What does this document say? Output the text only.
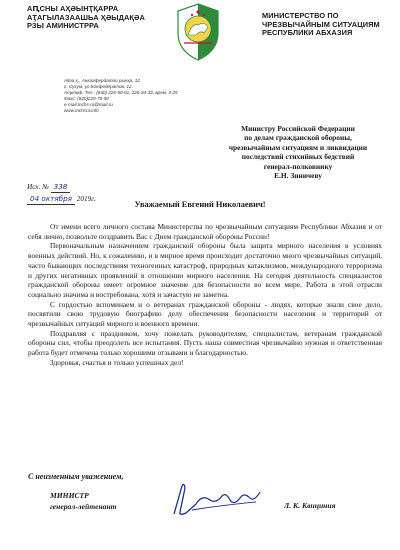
АԤСНЫ АҲӘЫНҬҚАРРА
АҬАГЫЛАЗААШЬА ҲӘЫДАҚӘА
РЗЫ АМИНИСТРРА
МИНИСТЕРСТВО ПО
ЧРЕЗВЫЧАЙНЫМ СИТУАЦИЯМ
РЕСПУБЛИКИ АБХАЗИЯ
Аҟәа ҳ., Анкәафердатәи рынҳа, 12
г. Сухум, ул.Конфедератов, 12.
Аҭелеф. Тел.: (840) 226-50-01, 226-34-33, врем. 4-25
Факс: (840)229-75-50
e-mail:mchs-ra@mail.ru
www.mchsra.info
Министру Российской Федерации
по делам гражданской обороны,
чрезвычайным ситуациям и ликвидации
последствий стихийных бедствий
генерал-полковнику
Е.Н. Зиничеву
Исх. № 338
04 октября 2019г.
Уважаемый Евгений Николаевич!

От имени всего личного состава Министерства по чрезвычайным ситуациям Республики Абхазия и от себя лично, позвольте поздравить Вас с Днем гражданской обороны России!

Первоначальным назначением гражданской обороны была защита мирного населения в условиях военных действий. Но, к сожалению, и в мирное время происходит достаточно много чрезвычайных ситуаций, часто бывающих последствиям техногенных катастроф, природных катаклизмов, международного терроризма и других негативных проявлений в отношении мирного населения. На сегодня деятельность специалистов гражданской обороны имеет огромное значение для безопасности во всем мире. Работа в этой отрасли социально значима и востребована, хотя и зачастую не заметна.

С гордостью вспоминаем и о ветеранах гражданской обороны - людях, которые знали свое дело, посвятили свою трудовую биографию делу обеспечения безопасности населения и территорий от чрезвычайных ситуаций мирного и военного времени.

Поздравляя с праздником, хочу пожелать руководителям, специалистам, ветеранам гражданской обороны сил, чтобы преодолеть все испытания. Пусть наша совместная чрезвычайно нужная и ответственная работа будет отмечена только хорошими отзывами и благодарностью.

Здоровья, счастья и только успешных дел!

С неизменным уважением,
МИНИСТР
генерал-лейтенант	Л. К. Квициния
